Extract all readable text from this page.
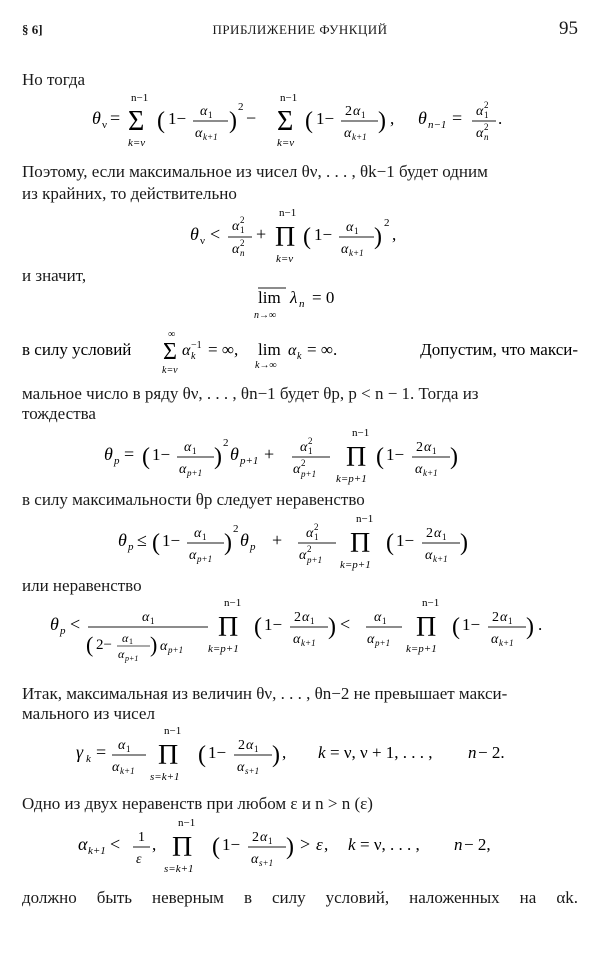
§ 6]	ПРИБЛИЖЕНИЕ ФУНКЦИЙ	95
Но тогда
θ ν =
n−1
Σ
k=ν
( 1− α 1
α k+1
)
2
−
n−1
Σ
k=ν
( 1− 2 α 1
α k+1
) , θ n−1 = α 2
1
α 2
n
.
Поэтому, если максимальное из чисел θν, . . . , θk−1 будет одним
из крайних, то действительно
θ ν < α 2
1
α 2
n
+
n−1
Π
k=ν
( 1− α 1
α k+1
)
2
,
и значит,
lim
n→∞
λ n = 0
в силу условий
∞
Σ
k=ν
α −1
k = ∞, lim
k→∞
α k = ∞.	Допустим, что макси-
мальное число в ряду θν, . . . , θn−1 будет θp, p < n − 1. Тогда из
тождества
θ p = ( 1− α 1
α p+1
)
2
θ p+1 + α 2
1
α 2
p+1
n−1
Π
k=p+1
( 1− 2 α 1
α k+1
)
в силу максимальности θp следует неравенство
θ p ≤ ( 1− α 1
α p+1
)
2
θ p + α 2
1
α 2
p+1
n−1
Π
k=p+1
( 1− 2 α 1
α k+1
)
или неравенство
θ p <	α 1
( 2− α 1
α p+1
) α p+1
n−1
Π
k=p+1
( 1− 2 α 1
α k+1
) < α 1
α p+1
n−1
Π
k=p+1
( 1− 2 α 1
α k+1
) .
Итак, максимальная из величин θν, . . . , θn−2 не превышает макси-
мального из чисел
γ k = α 1
α k+1
n−1
Π
s=k+1
( 1− 2 α 1
α s+1
) , k = ν, ν + 1, . . . , n − 2.
Одно из двух неравенств при любом ε и n > n (ε)
α k+1 < 1
ε
,
n−1
Π
s=k+1
( 1− 2 α 1
α s+1
) > ε , k = ν, . . . , n − 2,
должно быть неверным в силу условий, наложенных на αk.
